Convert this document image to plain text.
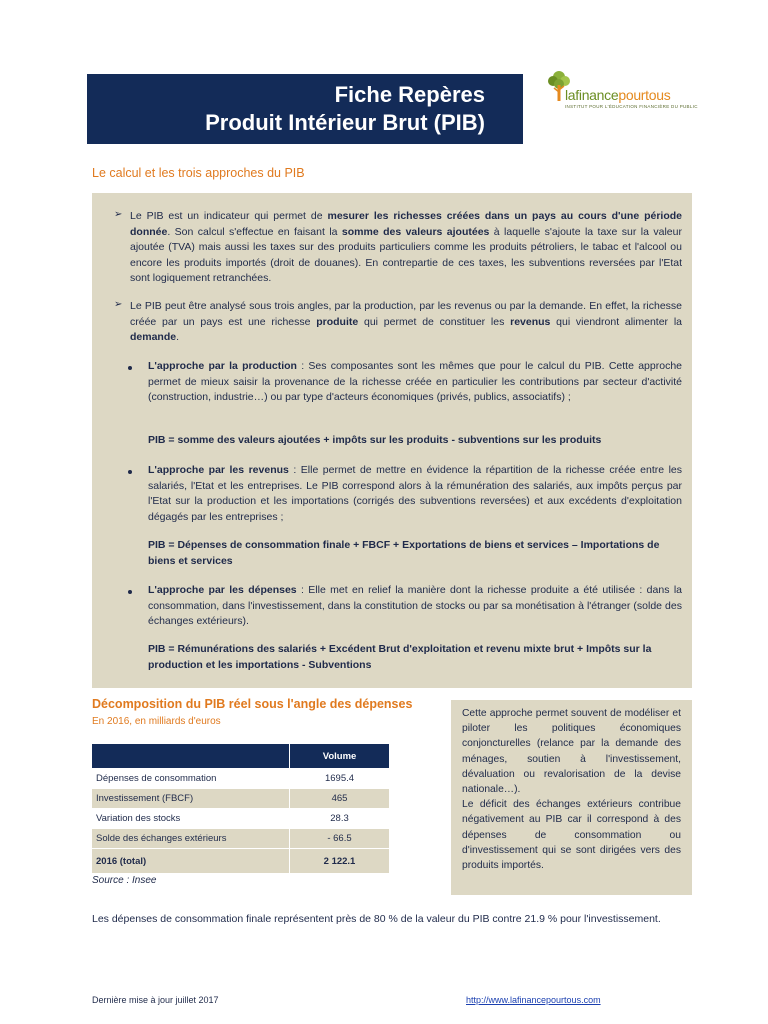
Fiche Repères
Produit Intérieur Brut (PIB)
lafinancepourtous
INSTITUT POUR L'ÉDUCATION FINANCIÈRE DU PUBLIC
Le calcul et les trois approches du PIB
➢ Le PIB est un indicateur qui permet de mesurer les richesses créées dans un pays au cours d'une période donnée. Son calcul s'effectue en faisant la somme des valeurs ajoutées à laquelle s'ajoute la taxe sur la valeur ajoutée (TVA) mais aussi les taxes sur des produits particuliers comme les produits pétroliers, le tabac et l'alcool ou encore les produits importés (droit de douanes). En contrepartie de ces taxes, les subventions reversées par l'Etat sont logiquement retranchées.
➢ Le PIB peut être analysé sous trois angles, par la production, par les revenus ou par la demande. En effet, la richesse créée par un pays est une richesse produite qui permet de constituer les revenus qui viendront alimenter la demande.
L'approche par la production : Ses composantes sont les mêmes que pour le calcul du PIB. Cette approche permet de mieux saisir la provenance de la richesse créée en particulier les contributions par secteur d'activité (construction, industrie…) ou par type d'acteurs économiques (privés, publics, associatifs) ;
PIB = somme des valeurs ajoutées + impôts sur les produits - subventions sur les produits
L'approche par les revenus : Elle permet de mettre en évidence la répartition de la richesse créée entre les salariés, l'Etat et les entreprises. Le PIB correspond alors à la rémunération des salariés, aux impôts perçus par l'Etat sur la production et les importations (corrigés des subventions reversées) et aux excédents d'exploitation dégagés par les entreprises ;
PIB = Dépenses de consommation finale + FBCF + Exportations de biens et services – Importations de biens et services
L'approche par les dépenses : Elle met en relief la manière dont la richesse produite a été utilisée : dans la consommation, dans l'investissement, dans la constitution de stocks ou par sa monétisation à l'étranger (solde des échanges extérieurs).
PIB = Rémunérations des salariés + Excédent Brut d'exploitation et revenu mixte brut + Impôts sur la production et les importations - Subventions
Décomposition du PIB réel sous l'angle des dépenses
En 2016, en milliards d'euros
	Volume
Dépenses de consommation	1695.4
Investissement (FBCF)	465
Variation des stocks	28.3
Solde des échanges extérieurs	- 66.5
2016 (total)	2 122.1
Source : Insee
Cette approche permet souvent de modéliser et piloter les politiques économiques conjoncturelles (relance par la demande des ménages, soutien à l'investissement, dévaluation ou revalorisation de la devise nationale…).
Le déficit des échanges extérieurs contribue négativement au PIB car il correspond à des dépenses de consommation ou d'investissement qui se sont dirigées vers des produits importés.
Les dépenses de consommation finale représentent près de 80 % de la valeur du PIB contre 21.9 % pour l'investissement.
Dernière mise à jour juillet 2017	http://www.lafinancepourtous.com
